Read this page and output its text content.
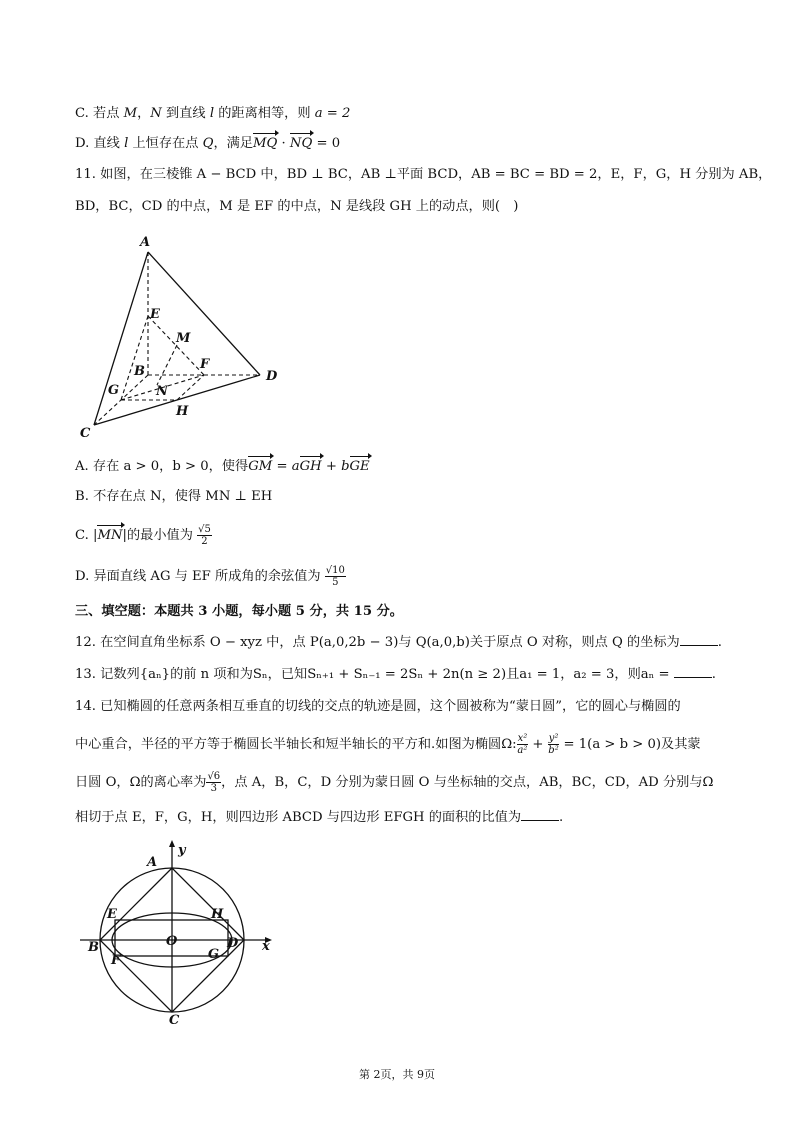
C. 若点 M，N 到直线 l 的距离相等，则 a = 2
D. 直线 l 上恒存在点 Q，满足MQ · NQ = 0
11. 如图，在三棱锥 A − BCD 中，BD ⊥ BC，AB ⊥平面 BCD，AB = BC = BD = 2，E，F，G，H 分别为 AB，
BD，BC，CD 的中点，M 是 EF 的中点，N 是线段 GH 上的动点，则(　)
A
E
M
B	F
D
G	N
H
C
A. 存在 a > 0，b > 0，使得GM = aGH + bGE
B. 不存在点 N，使得 MN ⊥ EH
C. |MN|的最小值为 $\frac{√5}{2}$
D. 异面直线 AG 与 EF 所成角的余弦值为 $\frac{√10}{5}$
三、填空题：本题共 3 小题，每小题 5 分，共 15 分。
12. 在空间直角坐标系 O − xyz 中，点 P(a,0,2b − 3)与 Q(a,0,b)关于原点 O 对称，则点 Q 的坐标为	.
13. 记数列{aₙ}的前 n 项和为Sₙ，已知Sₙ₊₁ + Sₙ₋₁ = 2Sₙ + 2n(n ≥ 2)且a₁ = 1，a₂ = 3，则aₙ =	.
14. 已知椭圆的任意两条相互垂直的切线的交点的轨迹是圆，这个圆被称为“蒙日圆”，它的圆心与椭圆的
中心重合，半径的平方等于椭圆长半轴长和短半轴长的平方和.如图为椭圆Ω: $\frac{\text{x²}}{\text{a²}} + \frac{\text{y²}}{\text{b²}} = 1(a > b > 0)$及其蒙
日圆 O，Ω的离心率为 $\frac{√6}{3}$ ，点 A，B，C，D 分别为蒙日圆 O 与坐标轴的交点，AB，BC，CD，AD 分别与Ω
相切于点 E，F，G，H，则四边形 ABCD 与四边形 EFGH 的面积的比值为	.
A
y
E	H
B	O	D x
F	G
C
第 2页，共 9页
